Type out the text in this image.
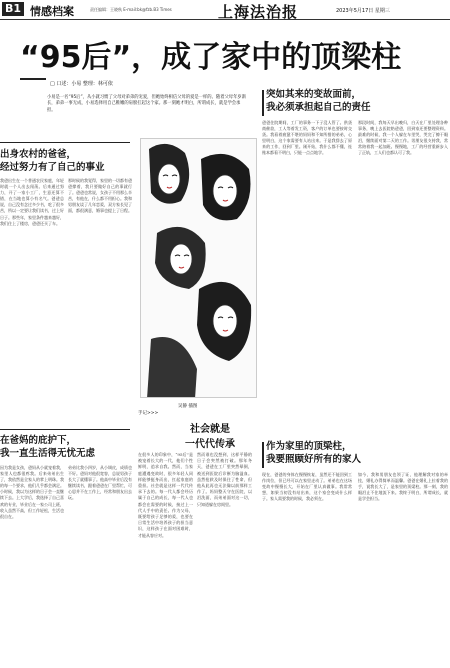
B1 情感档案	责任编辑：王晓秋 E-mail:bk@fzb.B3 Times	上海法治报	2023年5月17日 星期三
“95后”，成了家中的顶梁柱
□ 口述：小易 整理：林可依

小易是一名“95后”，从小就习惯了父母对弟弟的宠爱，但她始终相信父母的爱是一样的。随着父母年岁渐长，弟弟一事无成，小易选择用自己稚嫩的肩膀扛起这个家。那一刻她才明白，所谓成长，就是学会承担。

出身农村的爸爸，
经过努力有了自己的事业
我爸出生在一个普通农民家庭，年轻时就一个人出去闯荡。后来通过努力，开了一家小工厂，生意还算不错，在当地也算小有名气。爸爸总说，自己没有念过多少书，吃了很多苦，所以一定要让我们读书，过上好日子。那些年，家里条件越来越好，我们住上了楼房，爸爸还买了车。
那时候的我觉得，家里的一切都有爸爸撑着，我只要做好自己的事就行了。爸爸也常说，女孩子不用那么辛苦，有他在，什么都不用担心。我和男朋友谈了几年恋爱，双方家长见了面，都很满意，婚事也提上了日程。
在爸妈的庇护下，
我一直生活得无忧无虑
因为我是女孩，爸妈从小就宠着我，家里人也都很疼我。后来弟弟出生了，我依然是全家人的掌上明珠。我的每一个要求，他们几乎都会满足。小时候，我以为这样的日子会一直继续下去。上大学后，我选择了自己喜欢的专业，毕业后在一家公司上班，收入虽然不高，但工作轻松，生活也很自在。
弟弟比我小四岁，从小调皮，成绩也不好。爸妈对他很宽容，总说男孩子长大了就懂事了。他高中毕业后没有继续读书，跟着爸爸在厂里帮忙，可心思并不在工作上，经常和朋友出去玩。
吴静 插图
手记>>>
社会就是
一代代传承
在很多人的印象中，“95后”是被宠着长大的一代，他们个性鲜明，追求自我。然而，当家庭遭遇变故时，很多年轻人同样能够挺身而出，扛起家庭的重担。社会就是这样一代代传承下去的。每一代人都会经历属于自己的成长，每一代人也都会在需要的时候，接过上一代人手中的责任。作为父母，既要给孩子足够的爱，也要在日常生活中培养孩子的担当意识，这样孩子在面对困难时，才能从容应对。
然而谁也没想到，这样平静的日子会突然被打破。那年冬天，爸爸在工厂里突然晕倒，被送到医院后诊断为脑溢血。虽然抢救及时保住了性命，但他从此再也无法像以前那样工作了。妈妈整天守在医院，以泪洗面，而弟弟面对这一切，只知道躲在房间里。
突如其来的变故面前，
我必须承担起自己的责任
爸爸住院期间，工厂的事务一下子没人管了。供货商催款，工人等着发工资，客户的订单也要按时交货。我看着疲惫不堪的妈妈和不知所措的弟弟，心里明白，这个家需要有人站出来。于是我辞去了原来的工作，回到厂里。刚开始，我什么都不懂，连账本都看不明白，只能一点点地学。
那段时间，我每天早出晚归，白天在厂里处理各种事务，晚上去医院陪爸爸，回到家还要整理资料。最难的时候，我一个人躲在车里哭，哭完了擦干眼泪，继续面对第二天的工作。男朋友很支持我，常常陪着我一起加班。慢慢地，工厂的经营重新步入了正轨，工人们也都认可了我。
作为家里的顶梁柱，
我要照顾好所有的家人
现在，爸爸的身体在慢慢恢复，虽然还不能回到工作岗位，但已经可以在家里走动了。弟弟也在这场变故中慢慢长大，开始在厂里认真做事。我常常想，如果当初没有站出来，这个家会变成什么样子。家人需要我的时候，我必须在。
如今，我和男朋友也领了证，他理解我对家的牵挂，婚礼办得简单而温馨。爸爸在婚礼上拉着我的手，说我长大了，是家里的顶梁柱。那一刻，我的眼泪止不住地流下来。我终于明白，所谓成长，就是学会担当。
